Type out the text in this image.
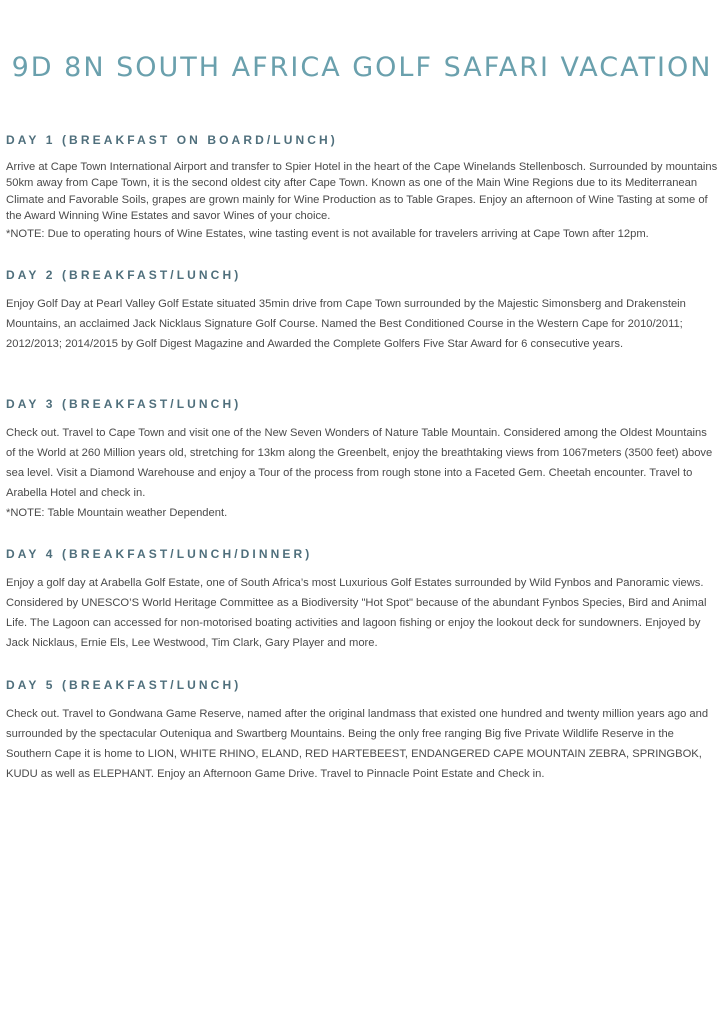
9D 8N SOUTH AFRICA GOLF SAFARI VACATION
DAY 1 (BREAKFAST ON BOARD/LUNCH)

Arrive at Cape Town International Airport and transfer to Spier Hotel in the heart of the Cape Winelands Stellenbosch. Surrounded by mountains 50km away from Cape Town, it is the second oldest city after Cape Town. Known as one of the Main Wine Regions due to its Mediterranean Climate and Favorable Soils, grapes are grown mainly for Wine Production as to Table Grapes. Enjoy an afternoon of Wine Tasting at some of the Award Winning Wine Estates and savor Wines of your choice.

*NOTE: Due to operating hours of Wine Estates, wine tasting event is not available for travelers arriving at Cape Town after 12pm.

DAY 2 (BREAKFAST/LUNCH)

Enjoy Golf Day at Pearl Valley Golf Estate situated 35min drive from Cape Town surrounded by the Majestic Simonsberg and Drakenstein Mountains, an acclaimed Jack Nicklaus Signature Golf Course. Named the Best Conditioned Course in the Western Cape for 2010/2011; 2012/2013; 2014/2015 by Golf Digest Magazine and Awarded the Complete Golfers Five Star Award for 6 consecutive years.

DAY 3 (BREAKFAST/LUNCH)

Check out. Travel to Cape Town and visit one of the New Seven Wonders of Nature Table Mountain. Considered among the Oldest Mountains of the World at 260 Million years old, stretching for 13km along the Greenbelt, enjoy the breathtaking views from 1067meters (3500 feet) above sea level. Visit a Diamond Warehouse and enjoy a Tour of the process from rough stone into a Faceted Gem. Cheetah encounter. Travel to Arabella Hotel and check in.

*NOTE: Table Mountain weather Dependent.

DAY 4 (BREAKFAST/LUNCH/DINNER)

Enjoy a golf day at Arabella Golf Estate, one of South Africa’s most Luxurious Golf Estates surrounded by Wild Fynbos and Panoramic views. Considered by UNESCO’S World Heritage Committee as a Biodiversity "Hot Spot" because of the abundant Fynbos Species, Bird and Animal Life. The Lagoon can accessed for non-motorised boating activities and lagoon fishing or enjoy the lookout deck for sundowners. Enjoyed by Jack Nicklaus, Ernie Els, Lee Westwood, Tim Clark, Gary Player and more.

DAY 5 (BREAKFAST/LUNCH)

Check out. Travel to Gondwana Game Reserve, named after the original landmass that existed one hundred and twenty million years ago and surrounded by the spectacular Outeniqua and Swartberg Mountains. Being the only free ranging Big five Private Wildlife Reserve in the Southern Cape it is home to LION, WHITE RHINO, ELAND, RED HARTEBEEST, ENDANGERED CAPE MOUNTAIN ZEBRA, SPRINGBOK, KUDU as well as ELEPHANT. Enjoy an Afternoon Game Drive. Travel to Pinnacle Point Estate and Check in.
